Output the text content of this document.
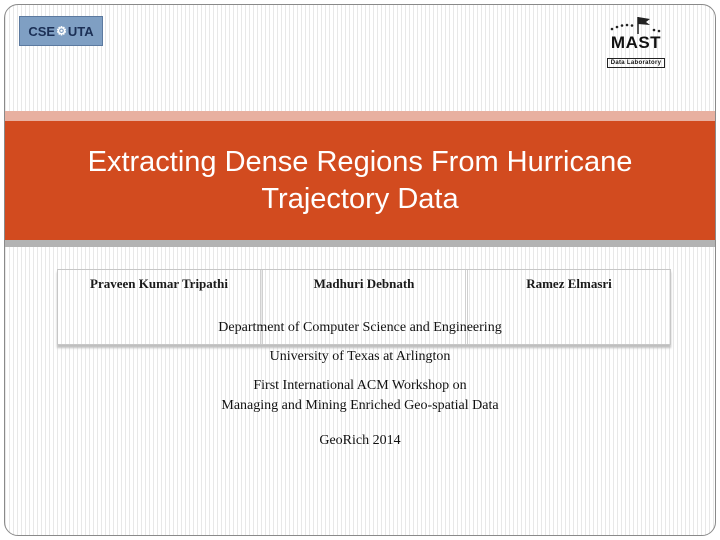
CSE ⚙ UTA
MAST
Data Laboratory
Extracting Dense Regions From Hurricane
Trajectory Data
Praveen Kumar Tripathi	Madhuri Debnath	Ramez Elmasri
Department of Computer Science and Engineering
University of Texas at Arlington
First International ACM Workshop on
Managing and Mining Enriched Geo-spatial Data
GeoRich 2014
